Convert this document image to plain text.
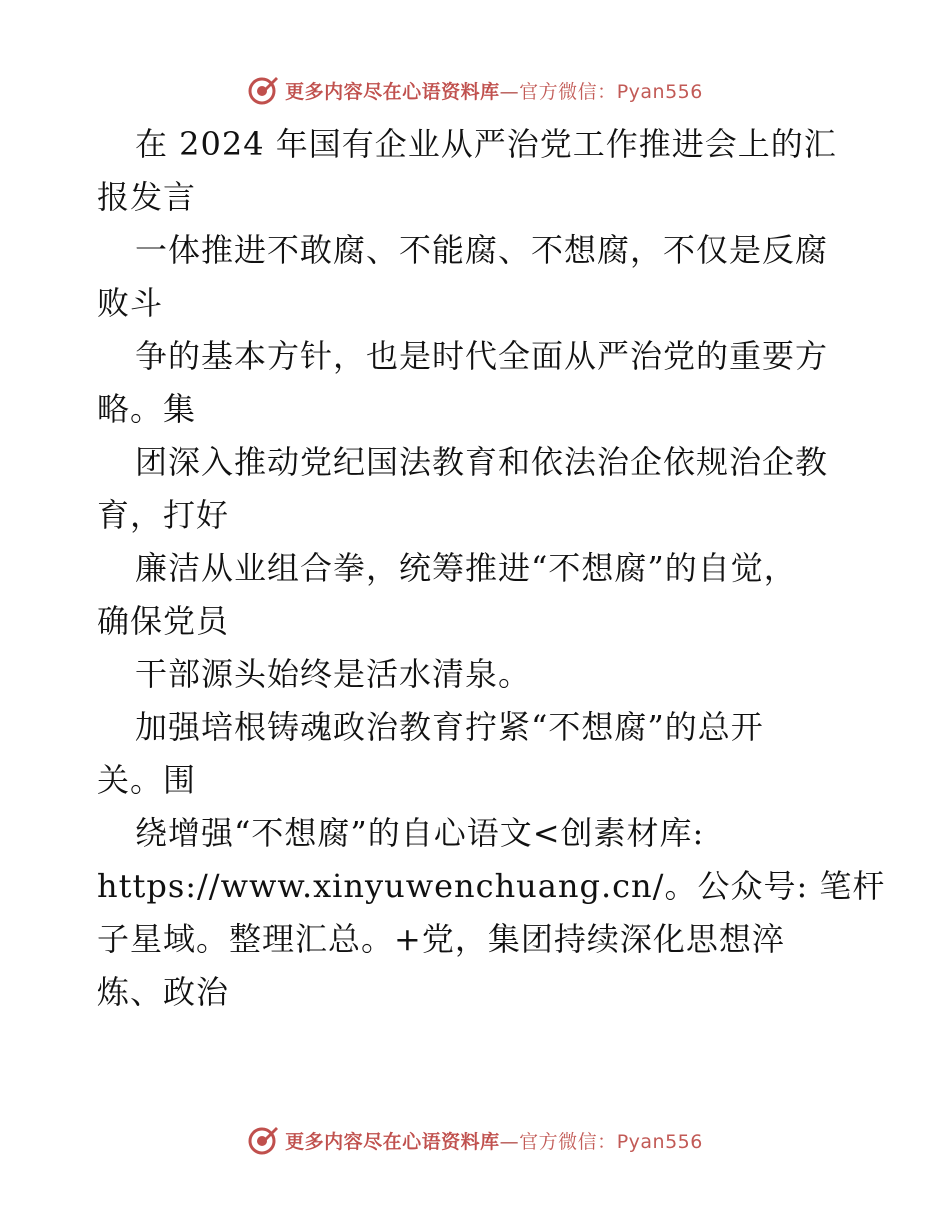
更多内容尽在心语资料库—官方微信：Pyan556
在 2024 年国有企业从严治党工作推进会上的汇
报发言
一体推进不敢腐、不能腐、不想腐，不仅是反腐
败斗
争的基本方针，也是时代全面从严治党的重要方
略。集
团深入推动党纪国法教育和依法治企依规治企教
育，打好
廉洁从业组合拳，统筹推进“不想腐”的自觉，
确保党员
干部源头始终是活水清泉。
加强培根铸魂政治教育拧紧“不想腐”的总开
关。围
绕增强“不想腐”的自心语文<创素材库:
https://www.xinyuwenchuang.cn/。公众号: 笔杆
子星域。整理汇总。+党，集团持续深化思想淬
炼、政治
更多内容尽在心语资料库—官方微信：Pyan556
